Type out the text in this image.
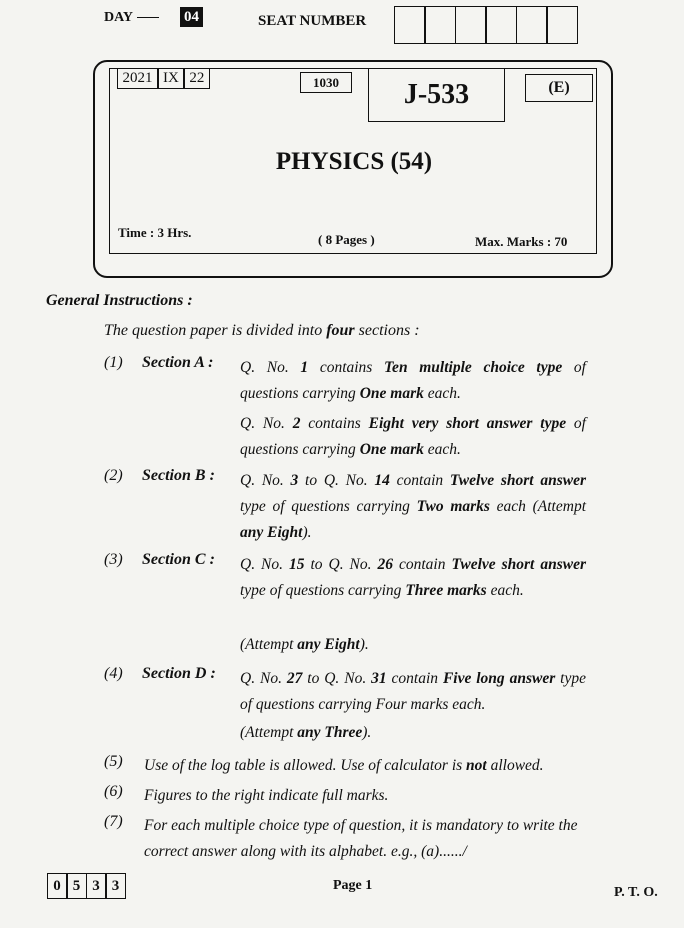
DAY	04	SEAT NUMBER
2021 IX 22	1030	J-533	(E)
PHYSICS (54)
Time : 3 Hrs.	( 8 Pages )	Max. Marks : 70
General Instructions :
The question paper is divided into four sections :
(1) Section A : Q. No. 1 contains Ten multiple choice type of questions carrying One mark each.
Q. No. 2 contains Eight very short answer type of questions carrying One mark each.
(2) Section B : Q. No. 3 to Q. No. 14 contain Twelve short answer type of questions carrying Two marks each (Attempt any Eight).
(3) Section C : Q. No. 15 to Q. No. 26 contain Twelve short answer type of questions carrying Three marks each.
(Attempt any Eight).
(4) Section D : Q. No. 27 to Q. No. 31 contain Five long answer type of questions carrying Four marks each.
(Attempt any Three).
(5) Use of the log table is allowed. Use of calculator is not allowed.
(6) Figures to the right indicate full marks.
(7) For each multiple choice type of question, it is mandatory to write the correct answer along with its alphabet. e.g., (a)....../
0 5 3 3	Page 1	P. T. O.
